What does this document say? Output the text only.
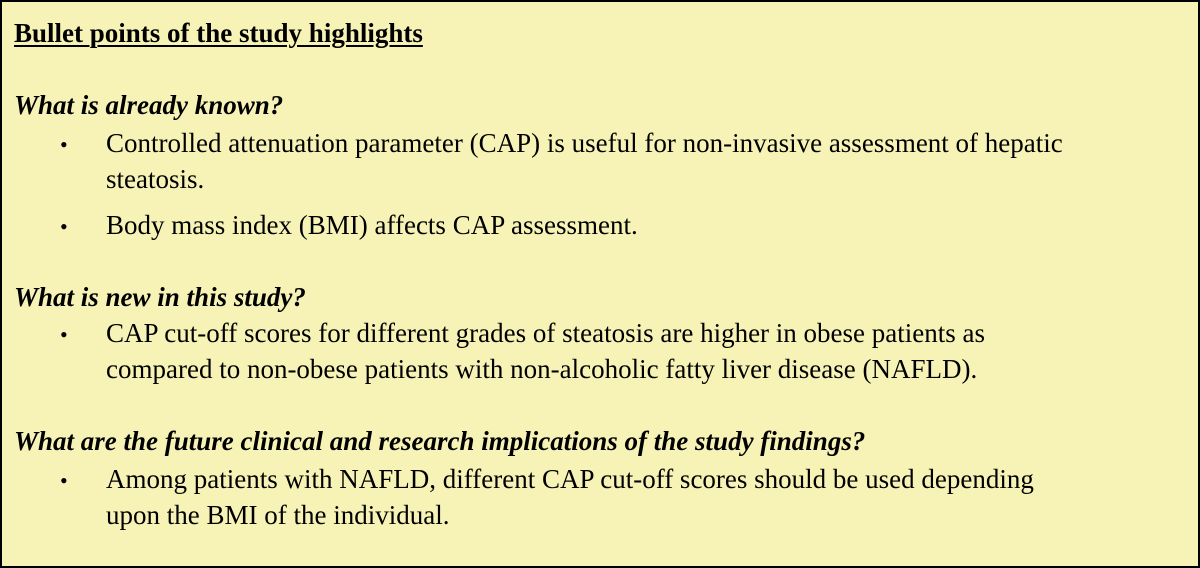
Bullet points of the study highlights
What is already known?
• Controlled attenuation parameter (CAP) is useful for non-invasive assessment of hepatic
steatosis.
• Body mass index (BMI) affects CAP assessment.
What is new in this study?
• CAP cut-off scores for different grades of steatosis are higher in obese patients as
compared to non-obese patients with non-alcoholic fatty liver disease (NAFLD).
What are the future clinical and research implications of the study findings?
• Among patients with NAFLD, different CAP cut-off scores should be used depending
upon the BMI of the individual.
